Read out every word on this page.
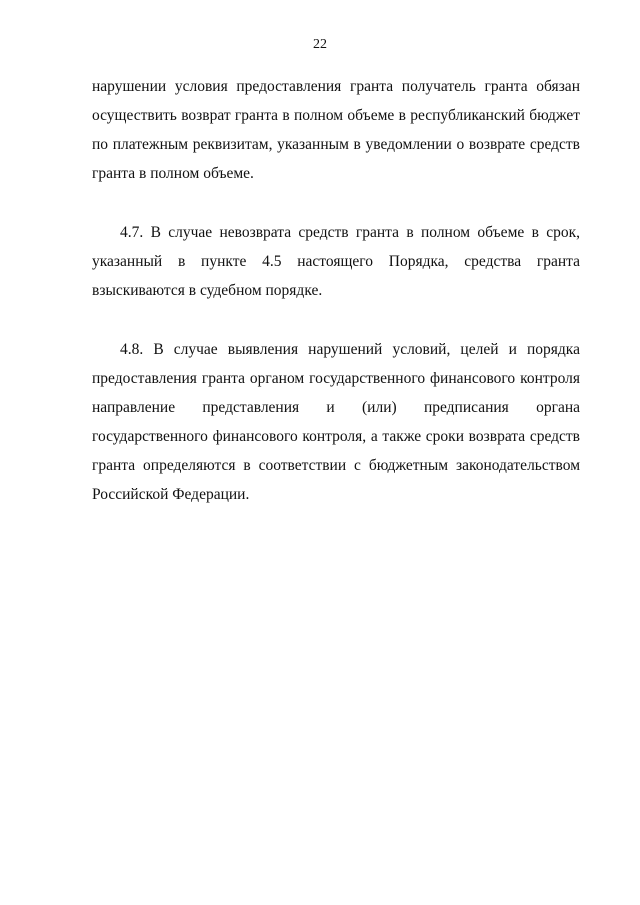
22

нарушении условия предоставления гранта получатель гранта обязан осуществить возврат гранта в полном объеме в республиканский бюджет по платежным реквизитам, указанным в уведомлении о возврате средств гранта в полном объеме.

4.7. В случае невозврата средств гранта в полном объеме в срок, указанный в пункте 4.5 настоящего Порядка, средства гранта взыскиваются в судебном порядке.

4.8. В случае выявления нарушений условий, целей и порядка предоставления гранта органом государственного финансового контроля направление представления и (или) предписания органа государственного финансового контроля, а также сроки возврата средств гранта определяются в соответствии с бюджетным законодательством Российской Федерации.
